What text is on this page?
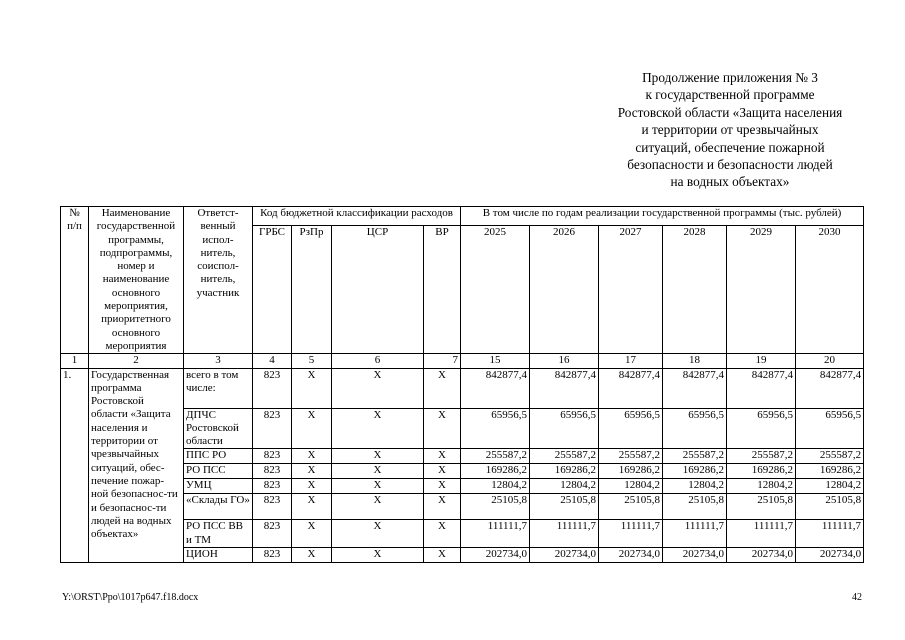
Продолжение приложения № 3
к государственной программе
Ростовской области «Защита населения
и территории от чрезвычайных
ситуаций, обеспечение пожарной
безопасности и безопасности людей
на водных объектах»
№
п/п	Наименование государственной программы, подпрограммы, номер и наименование основного мероприятия, приоритетного основного мероприятия	Ответст-венный испол-нитель, соиспол-нитель, участник	Код бюджетной классификации расходов				В том числе по годам реализации государственной программы (тыс. рублей)					
			ГРБС	РзПр	ЦСР	ВР	2025	2026	2027	2028	2029	2030
1	2	3	4	5	6	7	15	16	17	18	19	20
1.	Государственная программа Ростовской области «Защита населения и территории от чрезвычайных ситуаций, обес-печение пожар-ной безопаснос-ти и безопаснос-ти людей на водных объектах»	всего в том числе:	823	Х	Х	Х	842877,4	842877,4	842877,4	842877,4	842877,4	842877,4
		ДПЧС Ростовской области	823	Х	Х	Х	65956,5	65956,5	65956,5	65956,5	65956,5	65956,5
		ППС РО	823	Х	Х	Х	255587,2	255587,2	255587,2	255587,2	255587,2	255587,2
		РО ПСС	823	Х	Х	Х	169286,2	169286,2	169286,2	169286,2	169286,2	169286,2
		УМЦ	823	Х	Х	Х	12804,2	12804,2	12804,2	12804,2	12804,2	12804,2
		«Склады ГО»	823	Х	Х	Х	25105,8	25105,8	25105,8	25105,8	25105,8	25105,8
		РО ПСС ВВ и ТМ	823	Х	Х	Х	111111,7	111111,7	111111,7	111111,7	111111,7	111111,7
		ЦИОН	823	Х	Х	Х	202734,0	202734,0	202734,0	202734,0	202734,0	202734,0
Y:\ORST\Ppo\1017p647.f18.docx	42
